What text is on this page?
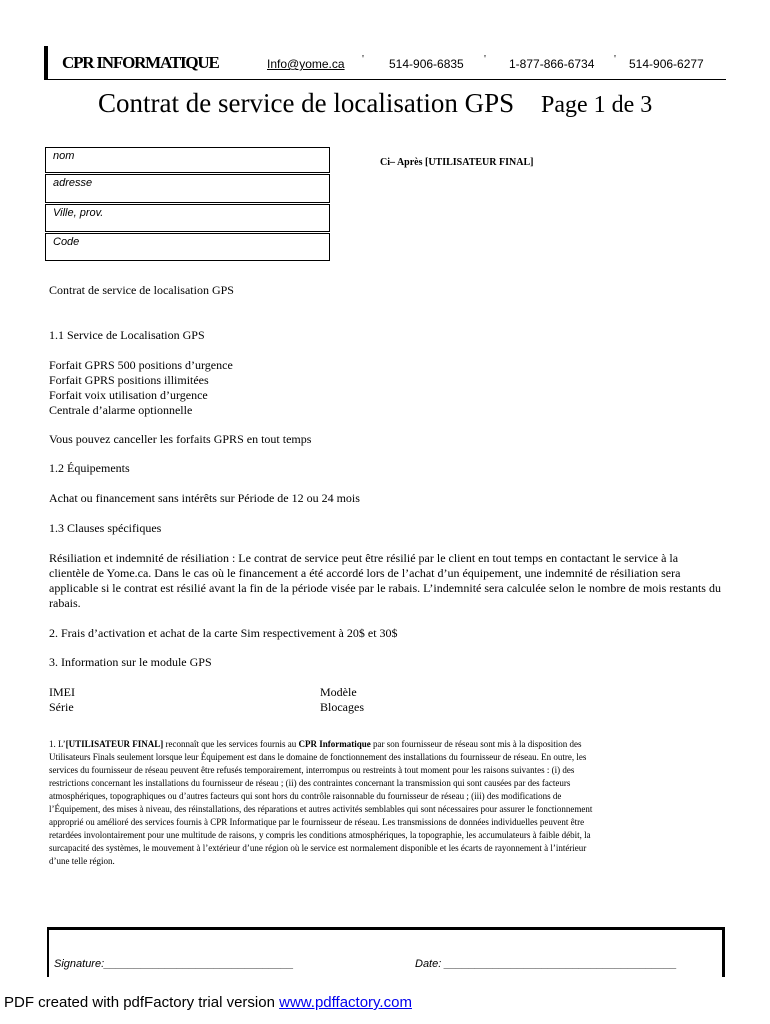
CPR INFORMATIQUE	Info@yome.ca ' 514-906-6835 ' 1-877-866-6734 ' 514-906-6277
Contrat de service de localisation GPS Page 1 de 3
nom
adresse
Ville, prov.
Code
Ci– Après [UTILISATEUR FINAL]
Contrat de service de localisation GPS
1.1 Service de Localisation GPS
Forfait GPRS 500 positions d’urgence
Forfait GPRS positions illimitées
Forfait voix utilisation d’urgence
Centrale d’alarme optionnelle
Vous pouvez canceller les forfaits GPRS en tout temps
1.2 Équipements
Achat ou financement sans intérêts sur Période de 12 ou 24 mois
1.3 Clauses spécifiques
Résiliation et indemnité de résiliation : Le contrat de service peut être résilié par le client en tout temps en contactant le service à la clientèle de Yome.ca. Dans le cas où le financement a été accordé lors de l’achat d’un équipement, une indemnité de résiliation sera applicable si le contrat est résilié avant la fin de la période visée par le rabais. L’indemnité sera calculée selon le nombre de mois restants du rabais.
2. Frais d’activation et achat de la carte Sim respectivement à 20$ et 30$
3. Information sur le module GPS
IMEI
Série
Modèle
Blocages
1. L’[UTILISATEUR FINAL] reconnaît que les services fournis au CPR Informatique par son fournisseur de réseau sont mis à la disposition des Utilisateurs Finals seulement lorsque leur Équipement est dans le domaine de fonctionnement des installations du fournisseur de réseau. En outre, les services du fournisseur de réseau peuvent être refusés temporairement, interrompus ou restreints à tout moment pour les raisons suivantes : (i) des restrictions concernant les installations du fournisseur de réseau ; (ii) des contraintes concernant la transmission qui sont causées par des facteurs atmosphériques, topographiques ou d’autres facteurs qui sont hors du contrôle raisonnable du fournisseur de réseau ; (iii) des modifications de l’Équipement, des mises à niveau, des réinstallations, des réparations et autres activités semblables qui sont nécessaires pour assurer le fonctionnement approprié ou amélioré des services fournis à CPR Informatique par le fournisseur de réseau. Les transmissions de données individuelles peuvent être retardées involontairement pour une multitude de raisons, y compris les conditions atmosphériques, la topographie, les accumulateurs à faible débit, la surcapacité des systèmes, le mouvement à l’extérieur d’une région où le service est normalement disponible et les écarts de rayonnement à l’intérieur d’une telle région.
Signature:_______________________________	Date: ______________________________________
PDF created with pdfFactory trial version www.pdffactory.com
